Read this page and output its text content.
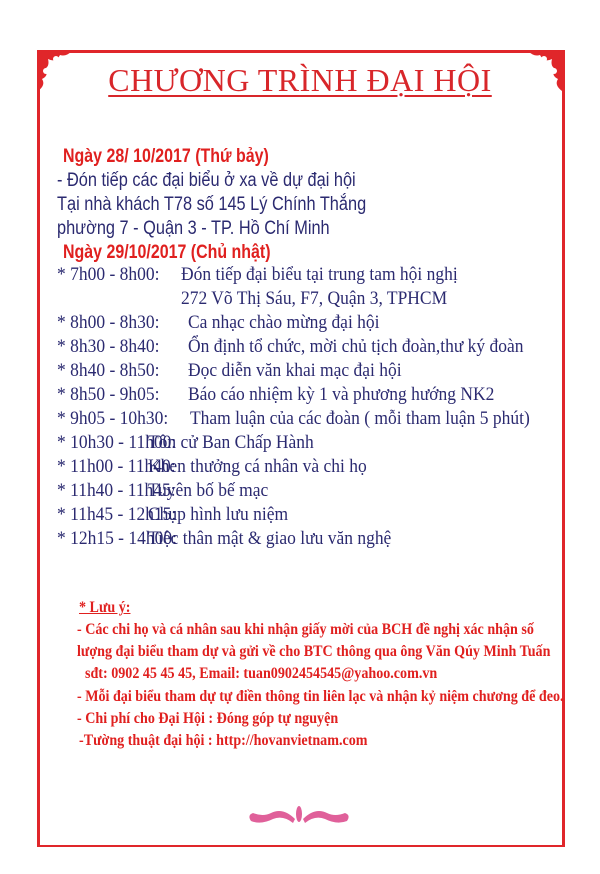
CHƯƠNG TRÌNH ĐẠI HỘI
Ngày 28/ 10/2017 (Thứ bảy)
- Đón tiếp các đại biểu ở xa về dự đại hội
Tại nhà khách T78 số 145 Lý Chính Thắng
phường 7 - Quận 3 - TP. Hồ Chí Minh
Ngày 29/10/2017 (Chủ nhật)
* 7h00 - 8h00: Đón tiếp đại biểu tại trung tam hội nghị
272 Võ Thị Sáu, F7, Quận 3, TPHCM
* 8h00 - 8h30: Ca nhạc chào mừng đại hội
* 8h30 - 8h40: Ổn định tổ chức, mời chủ tịch đoàn,thư ký đoàn
* 8h40 - 8h50: Đọc diễn văn khai mạc đại hội
* 8h50 - 9h05: Báo cáo nhiệm kỳ 1 và phương hướng NK2
* 9h05 - 10h30: Tham luận của các đoàn ( mỗi tham luận 5 phút)
* 10h30 - 11h00:
Tôn cử Ban Chấp Hành
* 11h00 - 11h40:
Khen thưởng cá nhân và chi họ
* 11h40 - 11h45:
Tuyên bố bế mạc
* 11h45 - 12h15:
Chụp hình lưu niệm
* 12h15 - 14h00:
Tiệc thân mật & giao lưu văn nghệ
* Lưu ý:
- Các chi họ và cá nhân sau khi nhận giấy mời của BCH đề nghị xác nhận số
lượng đại biểu tham dự và gửi về cho BTC thông qua ông Văn Qúy Minh Tuấn
sđt: 0902 45 45 45, Email: tuan0902454545@yahoo.com.vn
- Mỗi đại biểu tham dự tự điền thông tin liên lạc và nhận kỷ niệm chương để đeo.
- Chi phí cho Đại Hội : Đóng góp tự nguyện
-Tường thuật đại hội : http://hovanvietnam.com
